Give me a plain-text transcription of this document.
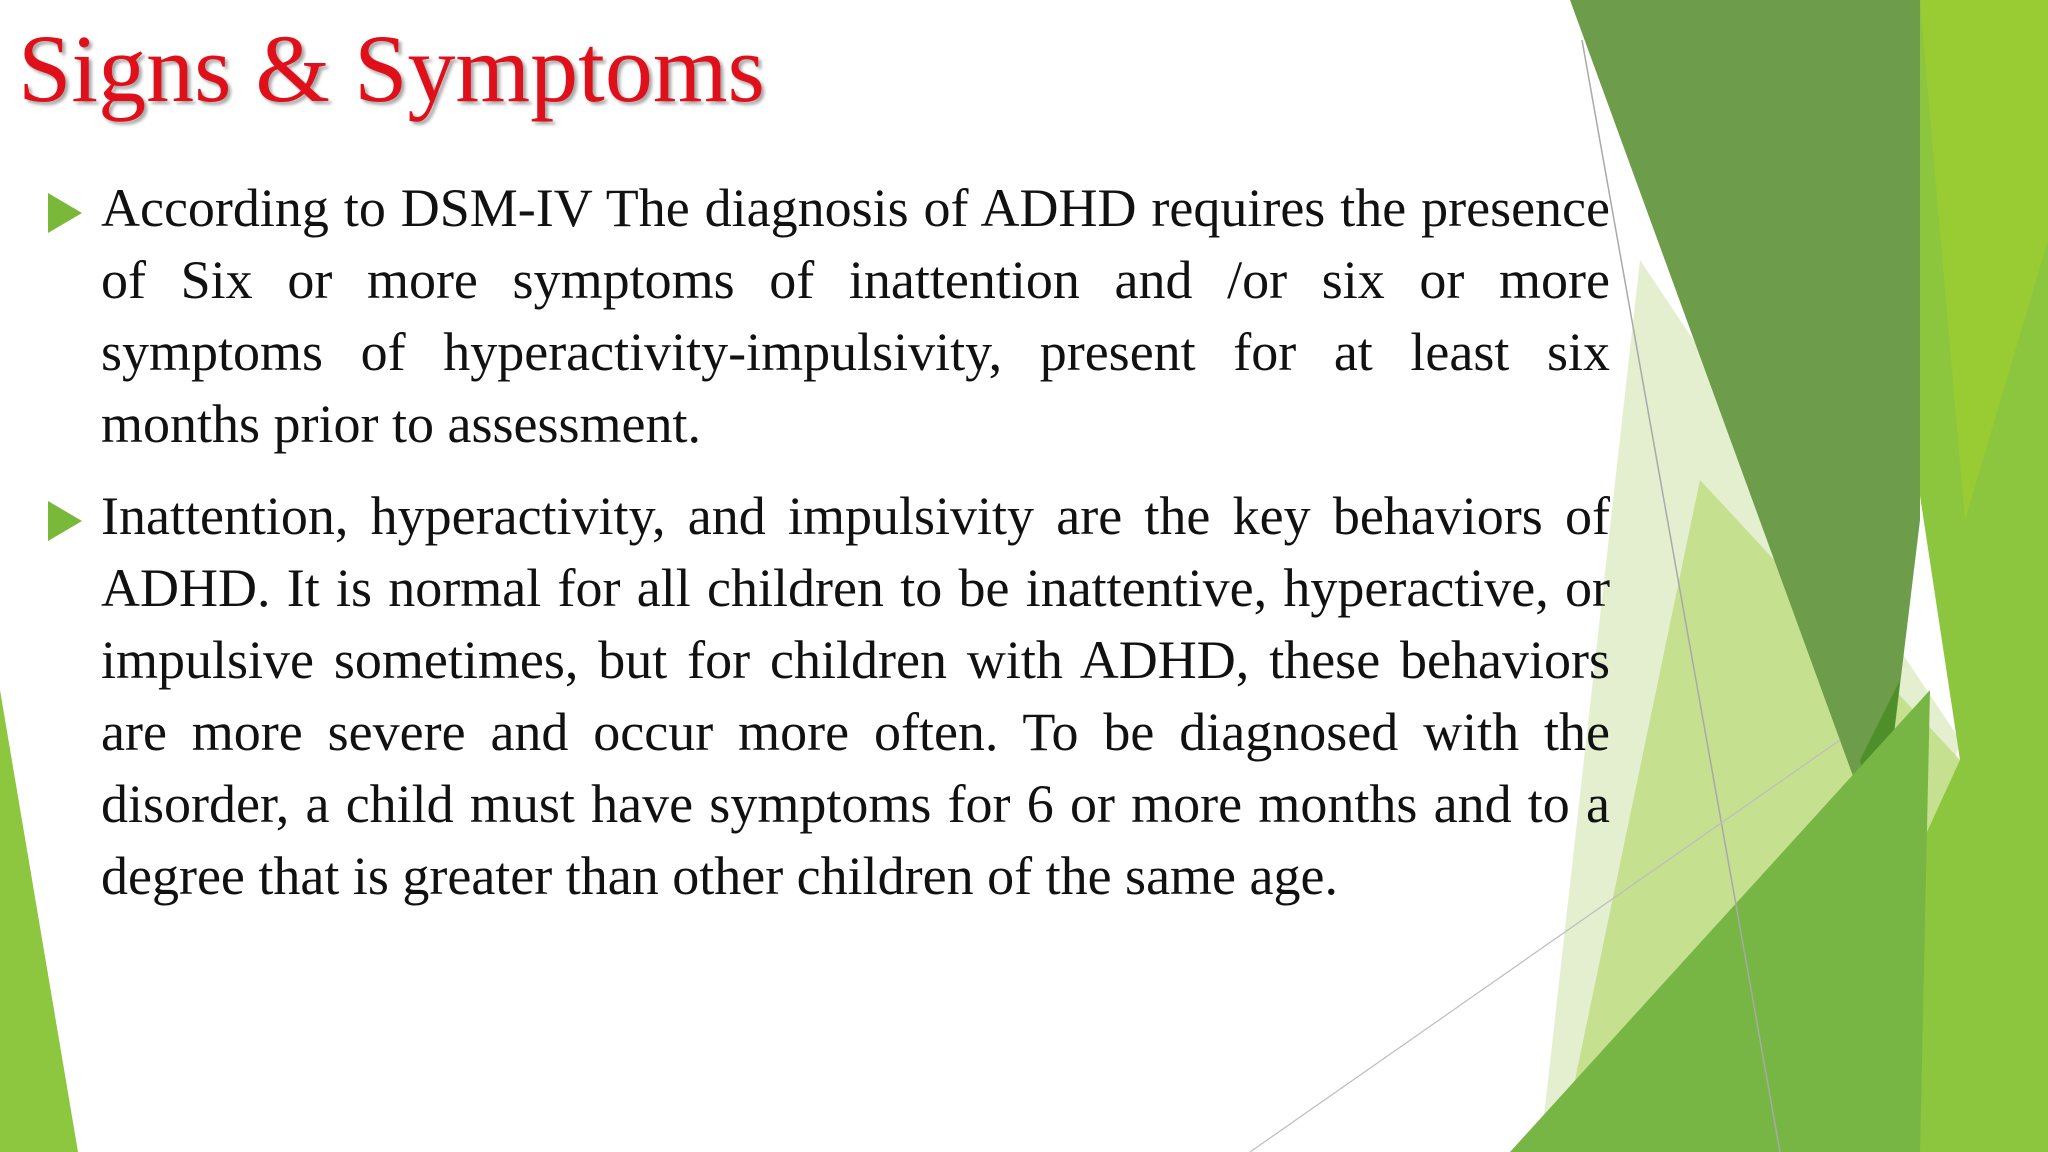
Signs & Symptoms

According to DSM-IV The diagnosis of ADHD requires the presence of Six or more symptoms of inattention and /or six or more symptoms of hyperactivity-impulsivity, present for at least six months prior to assessment.

Inattention, hyperactivity, and impulsivity are the key behaviors of ADHD. It is normal for all children to be inattentive, hyperactive, or impulsive sometimes, but for children with ADHD, these behaviors are more severe and occur more often. To be diagnosed with the disorder, a child must have symptoms for 6 or more months and to a degree that is greater than other children of the same age.
